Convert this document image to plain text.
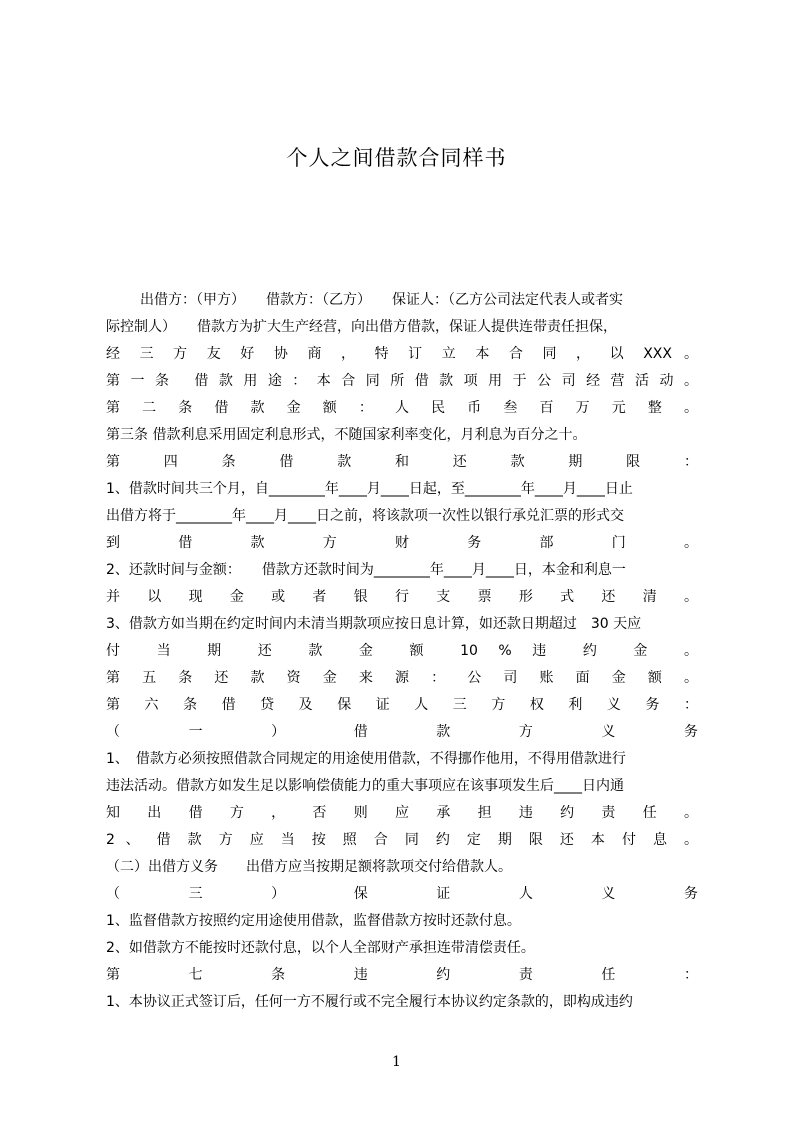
个人之间借款合同样书
出借方：（甲方）　　借款方：（乙方）　　保证人：（乙方公司法定代表人或者实
际控制人）　　借款方为扩大生产经营，向出借方借款，保证人提供连带责任担保，
经 三 方 友 好 协 商 ， 特 订 立 本 合 同 ， 以 XXX 。
第一条 借款用途：本合同所借款项用于公司经营活动。
第 二 条 借 款 金 额 ： 人 民 币 叁 百 万 元 整 。
第三条 借款利息采用固定利息形式，不随国家利率变化，月利息为百分之十。
第 四 条 借 款 和 还 款 期 限 ：
1、借款时间共三个月，自________年____月____日起，至________年____月____日止
出借方将于________年____月____日之前，将该款项一次性以银行承兑汇票的形式交
到 借 款 方 财 务 部 门 。
2、还款时间与金额：　　借款方还款时间为________年____月____日，本金和利息一
并 以 现 金 或 者 银 行 支 票 形 式 还 清 。
3、借款方如当期在约定时间内未清当期款项应按日息计算，如还款日期超过　30 天应
付 当 期 还 款 金 额 10 % 违 约 金 。
第 五 条 还 款 资 金 来 源 ： 公 司 账 面 金 额 。
第 六 条 借 贷 及 保 证 人 三 方 权 利 义 务 ：
（ 一 ） 借 款 方 义 务
1、　借款方必须按照借款合同规定的用途使用借款，不得挪作他用，不得用借款进行
违法活动。借款方如发生足以影响偿债能力的重大事项应在该事项发生后____日内通
知 出 借 方 ， 否 则 应 承 担 违 约 责 任 。
2 、 借 款 方 应 当 按 照 合 同 约 定 期 限 还 本 付 息 。
（二）出借方义务　　出借方应当按期足额将款项交付给借款人。
（ 三 ） 保 证 人 义 务
1、监督借款方按照约定用途使用借款，监督借款方按时还款付息。
2、如借款方不能按时还款付息，以个人全部财产承担连带清偿责任。
第 七 条 违 约 责 任 ：
1、本协议正式签订后，任何一方不履行或不完全履行本协议约定条款的，即构成违约
1
